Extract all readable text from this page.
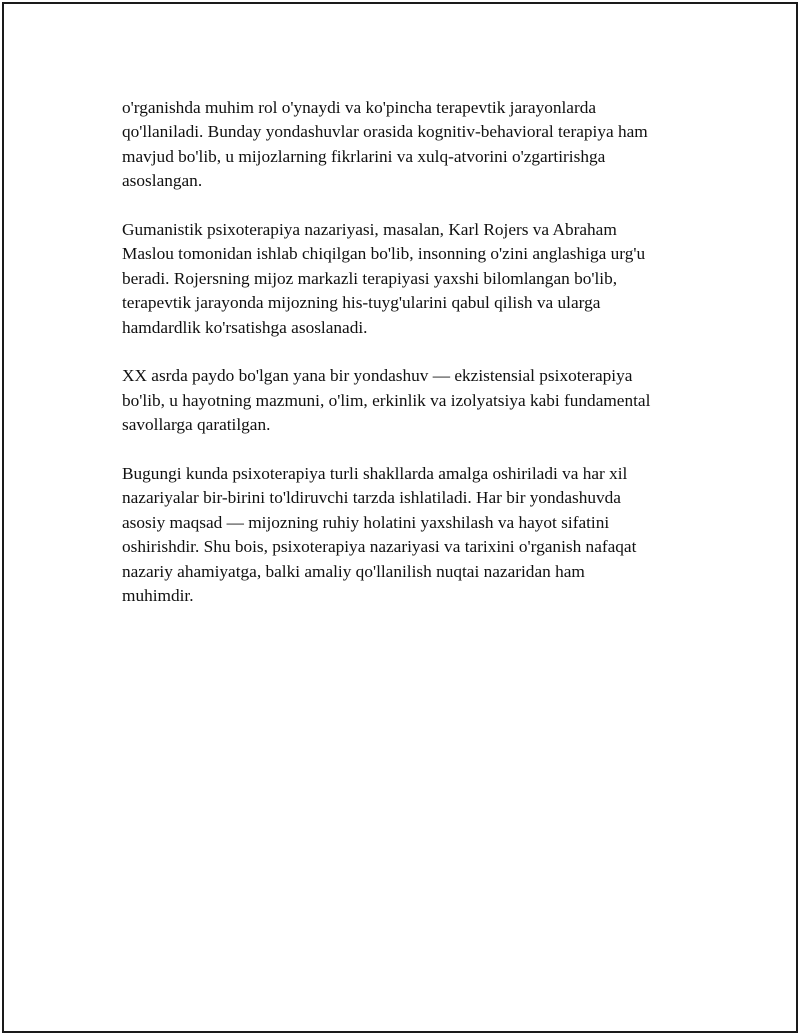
o'rganishda muhim rol o'ynaydi va ko'pincha terapevtik jarayonlarda
qo'llaniladi. Bunday yondashuvlar orasida kognitiv-behavioral terapiya ham
mavjud bo'lib, u mijozlarning fikrlarini va xulq-atvorini o'zgartirishga
asoslangan.

Gumanistik psixoterapiya nazariyasi, masalan, Karl Rojers va Abraham
Maslou tomonidan ishlab chiqilgan bo'lib, insonning o'zini anglashiga urg'u
beradi. Rojersning mijoz markazli terapiyasi yaxshi bilomlangan bo'lib,
terapevtik jarayonda mijozning his-tuyg'ularini qabul qilish va ularga
hamdardlik ko'rsatishga asoslanadi.

XX asrda paydo bo'lgan yana bir yondashuv — ekzistensial psixoterapiya
bo'lib, u hayotning mazmuni, o'lim, erkinlik va izolyatsiya kabi fundamental
savollarga qaratilgan.

Bugungi kunda psixoterapiya turli shakllarda amalga oshiriladi va har xil
nazariyalar bir-birini to'ldiruvchi tarzda ishlatiladi. Har bir yondashuvda
asosiy maqsad — mijozning ruhiy holatini yaxshilash va hayot sifatini
oshirishdir. Shu bois, psixoterapiya nazariyasi va tarixini o'rganish nafaqat
nazariy ahamiyatga, balki amaliy qo'llanilish nuqtai nazaridan ham
muhimdir.
